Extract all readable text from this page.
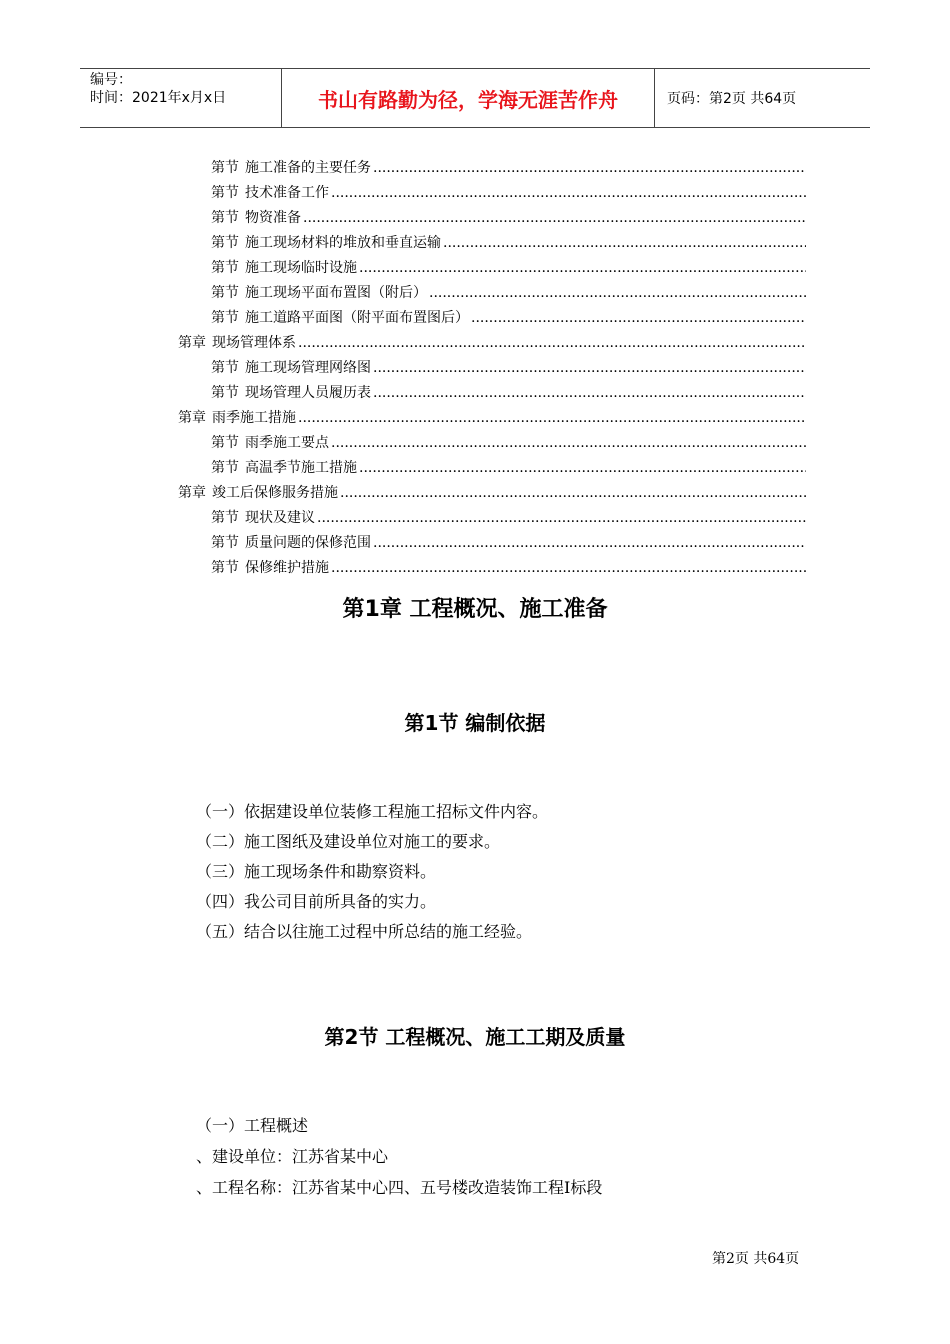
编号：
时间：2021年x月x日	书山有路勤为径，学海无涯苦作舟	页码：第2页 共64页
第节 施工准备的主要任务
.....
第节 技术准备工作
.....
第节 物资准备
.....
第节 施工现场材料的堆放和垂直运输
.....
第节 施工现场临时设施
.....
第节 施工现场平面布置图（附后）
.....
第节 施工道路平面图（附平面布置图后）
.....
第章 现场管理体系
.....
第节 施工现场管理网络图
.....
第节 现场管理人员履历表
.....
第章 雨季施工措施
.....
第节 雨季施工要点
.....
第节 高温季节施工措施
.....
第章 竣工后保修服务措施
.....
第节 现状及建议
.....
第节 质量问题的保修范围
.....
第节 保修维护措施
.....
第1章 工程概况、施工准备
第1节 编制依据

（一）依据建设单位装修工程施工招标文件内容。

（二）施工图纸及建设单位对施工的要求。

（三）施工现场条件和勘察资料。

（四）我公司目前所具备的实力。

（五）结合以往施工过程中所总结的施工经验。

第2节 工程概况、施工工期及质量

（一）工程概述

、建设单位：江苏省某中心

、工程名称：江苏省某中心四、五号楼改造装饰工程Ⅰ标段

第2页 共64页
